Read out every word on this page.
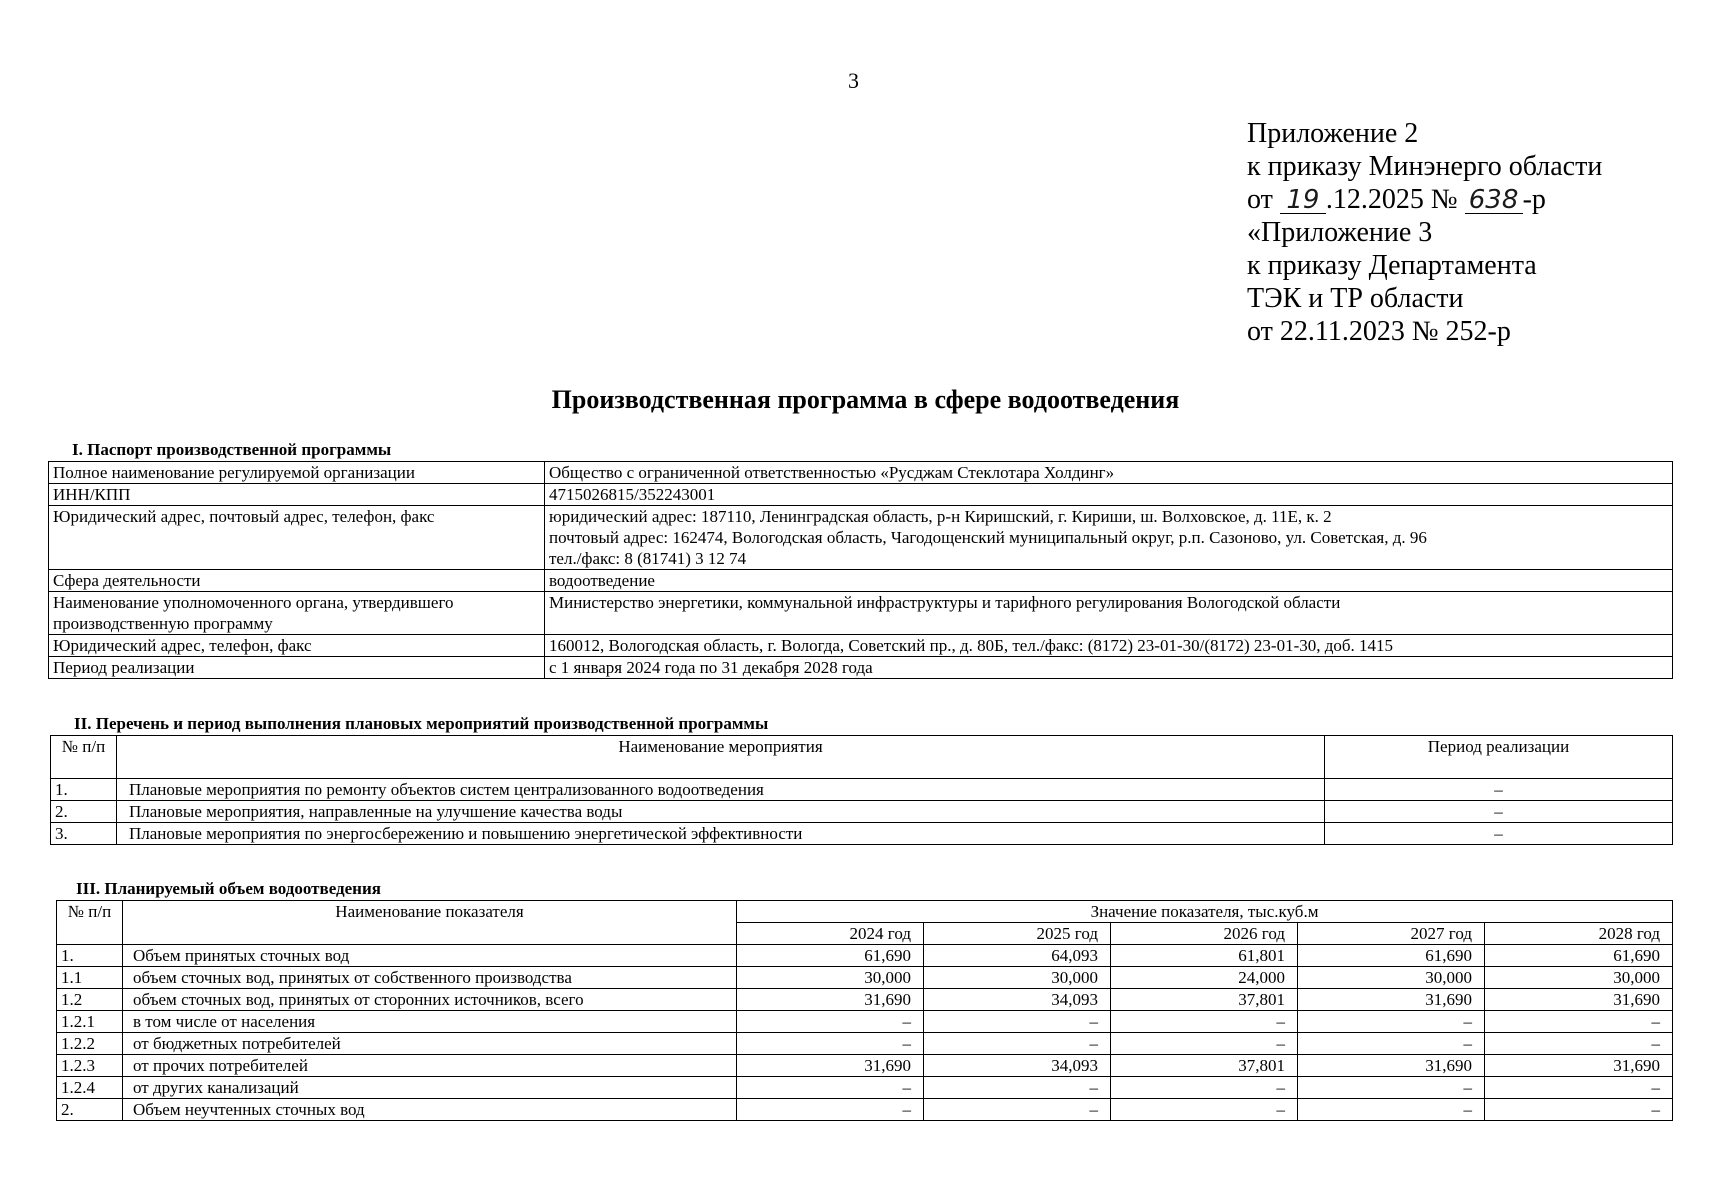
3
Приложение 2
к приказу Минэнерго области
от 19 .12.2025 № 638 -р
«Приложение 3
к приказу Департамента
ТЭК и ТР области
от 22.11.2023 № 252-р
Производственная программа в сфере водоотведения
I. Паспорт производственной программы
Полное наименование регулируемой организации	Общество с ограниченной ответственностью «Русджам Стеклотара Холдинг»
ИНН/КПП	4715026815/352243001
Юридический адрес, почтовый адрес, телефон, факс	юридический адрес: 187110, Ленинградская область, р-н Киришский, г. Кириши, ш. Волховское, д. 11Е, к. 2
почтовый адрес: 162474, Вологодская область, Чагодощенский муниципальный округ, р.п. Сазоново, ул. Советская, д. 96
тел./факс: 8 (81741) 3 12 74

Сфера деятельности	водоотведение
Наименование уполномоченного органа, утвердившего производственную программу	Министерство энергетики, коммунальной инфраструктуры и тарифного регулирования Вологодской области
Юридический адрес, телефон, факс	160012, Вологодская область, г. Вологда, Советский пр., д. 80Б, тел./факс: (8172) 23-01-30/(8172) 23-01-30, доб. 1415
Период реализации	с 1 января 2024 года по 31 декабря 2028 года
II. Перечень и период выполнения плановых мероприятий производственной программы
№ п/п	Наименование мероприятия	Период реализации
1.	Плановые мероприятия по ремонту объектов систем централизованного водоотведения	–
2.	Плановые мероприятия, направленные на улучшение качества воды	–
3.	Плановые мероприятия по энергосбережению и повышению энергетической эффективности	–
III. Планируемый объем водоотведения
№ п/п	Наименование показателя	Значение показателя, тыс.куб.м				
		2024 год	2025 год	2026 год	2027 год	2028 год
1.	Объем принятых сточных вод	61,690	64,093	61,801	61,690	61,690
1.1	объем сточных вод, принятых от собственного производства	30,000	30,000	24,000	30,000	30,000
1.2	объем сточных вод, принятых от сторонних источников, всего	31,690	34,093	37,801	31,690	31,690
1.2.1	в том числе от населения	–	–	–	–	–
1.2.2	от бюджетных потребителей	–	–	–	–	–
1.2.3	от прочих потребителей	31,690	34,093	37,801	31,690	31,690
1.2.4	от других канализаций	–	–	–	–	–
2.	Объем неучтенных сточных вод	–	–	–	–	–
